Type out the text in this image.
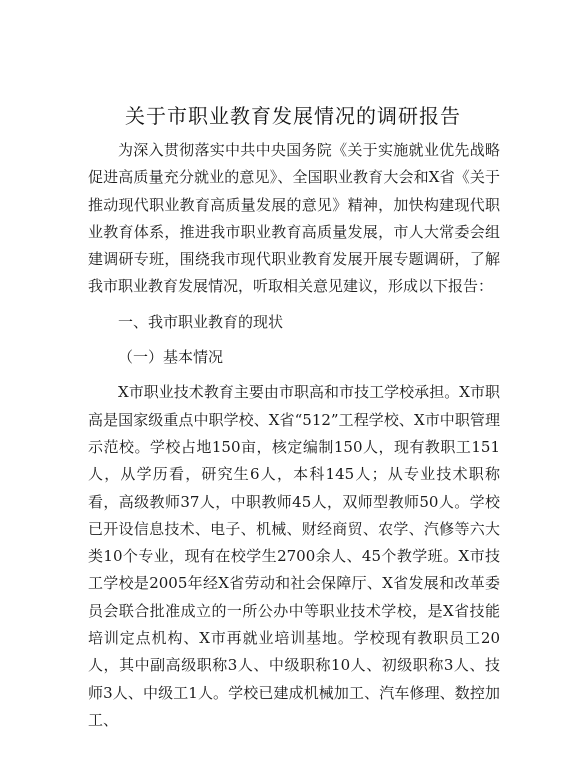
关于市职业教育发展情况的调研报告

为深入贯彻落实中共中央国务院《关于实施就业优先战略促进高质量充分就业的意见》、全国职业教育大会和X省《关于推动现代职业教育高质量发展的意见》精神，加快构建现代职业教育体系，推进我市职业教育高质量发展，市人大常委会组建调研专班，围绕我市现代职业教育发展开展专题调研，了解我市职业教育发展情况，听取相关意见建议，形成以下报告：

一、我市职业教育的现状

（一）基本情况

X市职业技术教育主要由市职高和市技工学校承担。X市职高是国家级重点中职学校、X省“512”工程学校、X市中职管理示范校。学校占地150亩，核定编制150人，现有教职工151人，从学历看，研究生6人，本科145人；从专业技术职称看，高级教师37人，中职教师45人，双师型教师50人。学校已开设信息技术、电子、机械、财经商贸、农学、汽修等六大类10个专业，现有在校学生2700余人、45个教学班。X市技工学校是2005年经X省劳动和社会保障厅、X省发展和改革委员会联合批准成立的一所公办中等职业技术学校，是X省技能培训定点机构、X市再就业培训基地。学校现有教职员工20人，其中副高级职称3人、中级职称10人、初级职称3人、技师3人、中级工1人。学校已建成机械加工、汽车修理、数控加工、
